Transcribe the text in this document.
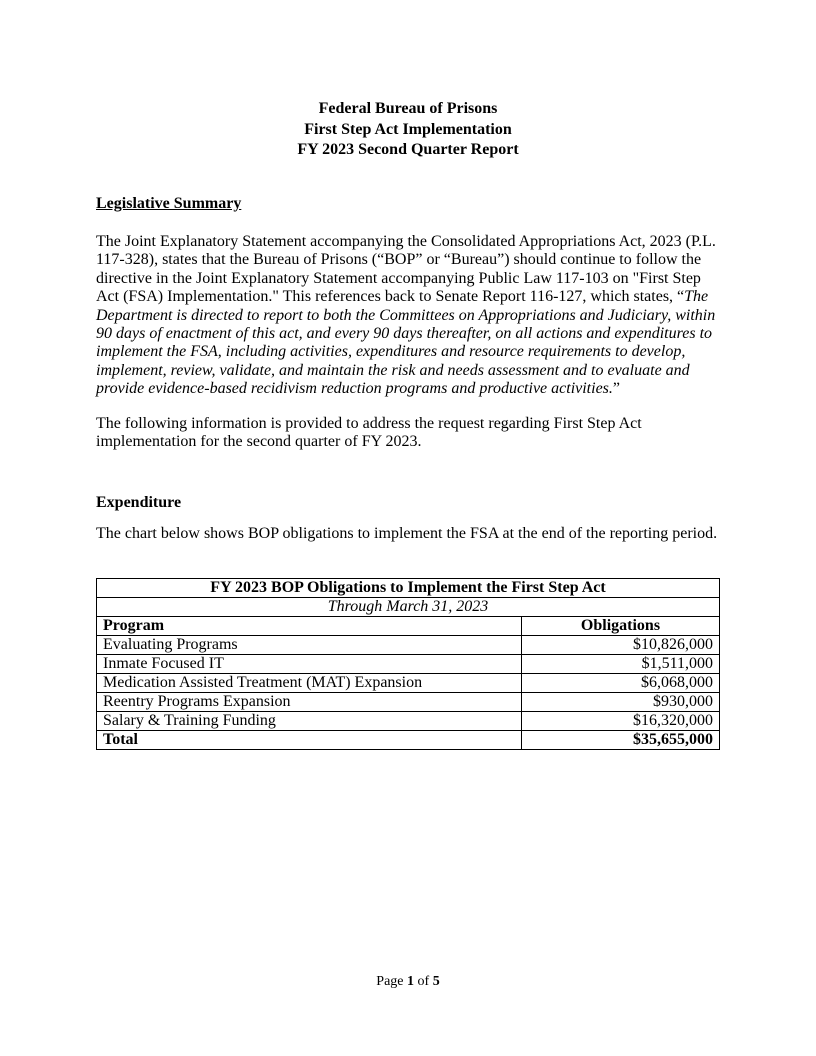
Federal Bureau of Prisons
First Step Act Implementation
FY 2023 Second Quarter Report
Legislative Summary
The Joint Explanatory Statement accompanying the Consolidated Appropriations Act, 2023 (P.L. 117-328), states that the Bureau of Prisons (“BOP” or “Bureau”) should continue to follow the directive in the Joint Explanatory Statement accompanying Public Law 117-103 on "First Step Act (FSA) Implementation." This references back to Senate Report 116-127, which states, “The Department is directed to report to both the Committees on Appropriations and Judiciary, within 90 days of enactment of this act, and every 90 days thereafter, on all actions and expenditures to implement the FSA, including activities, expenditures and resource requirements to develop, implement, review, validate, and maintain the risk and needs assessment and to evaluate and provide evidence-based recidivism reduction programs and productive activities.”
The following information is provided to address the request regarding First Step Act implementation for the second quarter of FY 2023.
Expenditure
The chart below shows BOP obligations to implement the FSA at the end of the reporting period.
FY 2023 BOP Obligations to Implement the First Step Act	
Through March 31, 2023	
Program	Obligations
Evaluating Programs	$10,826,000
Inmate Focused IT	$1,511,000
Medication Assisted Treatment (MAT) Expansion	$6,068,000
Reentry Programs Expansion	$930,000
Salary & Training Funding	$16,320,000
Total	$35,655,000
Page 1 of 5
